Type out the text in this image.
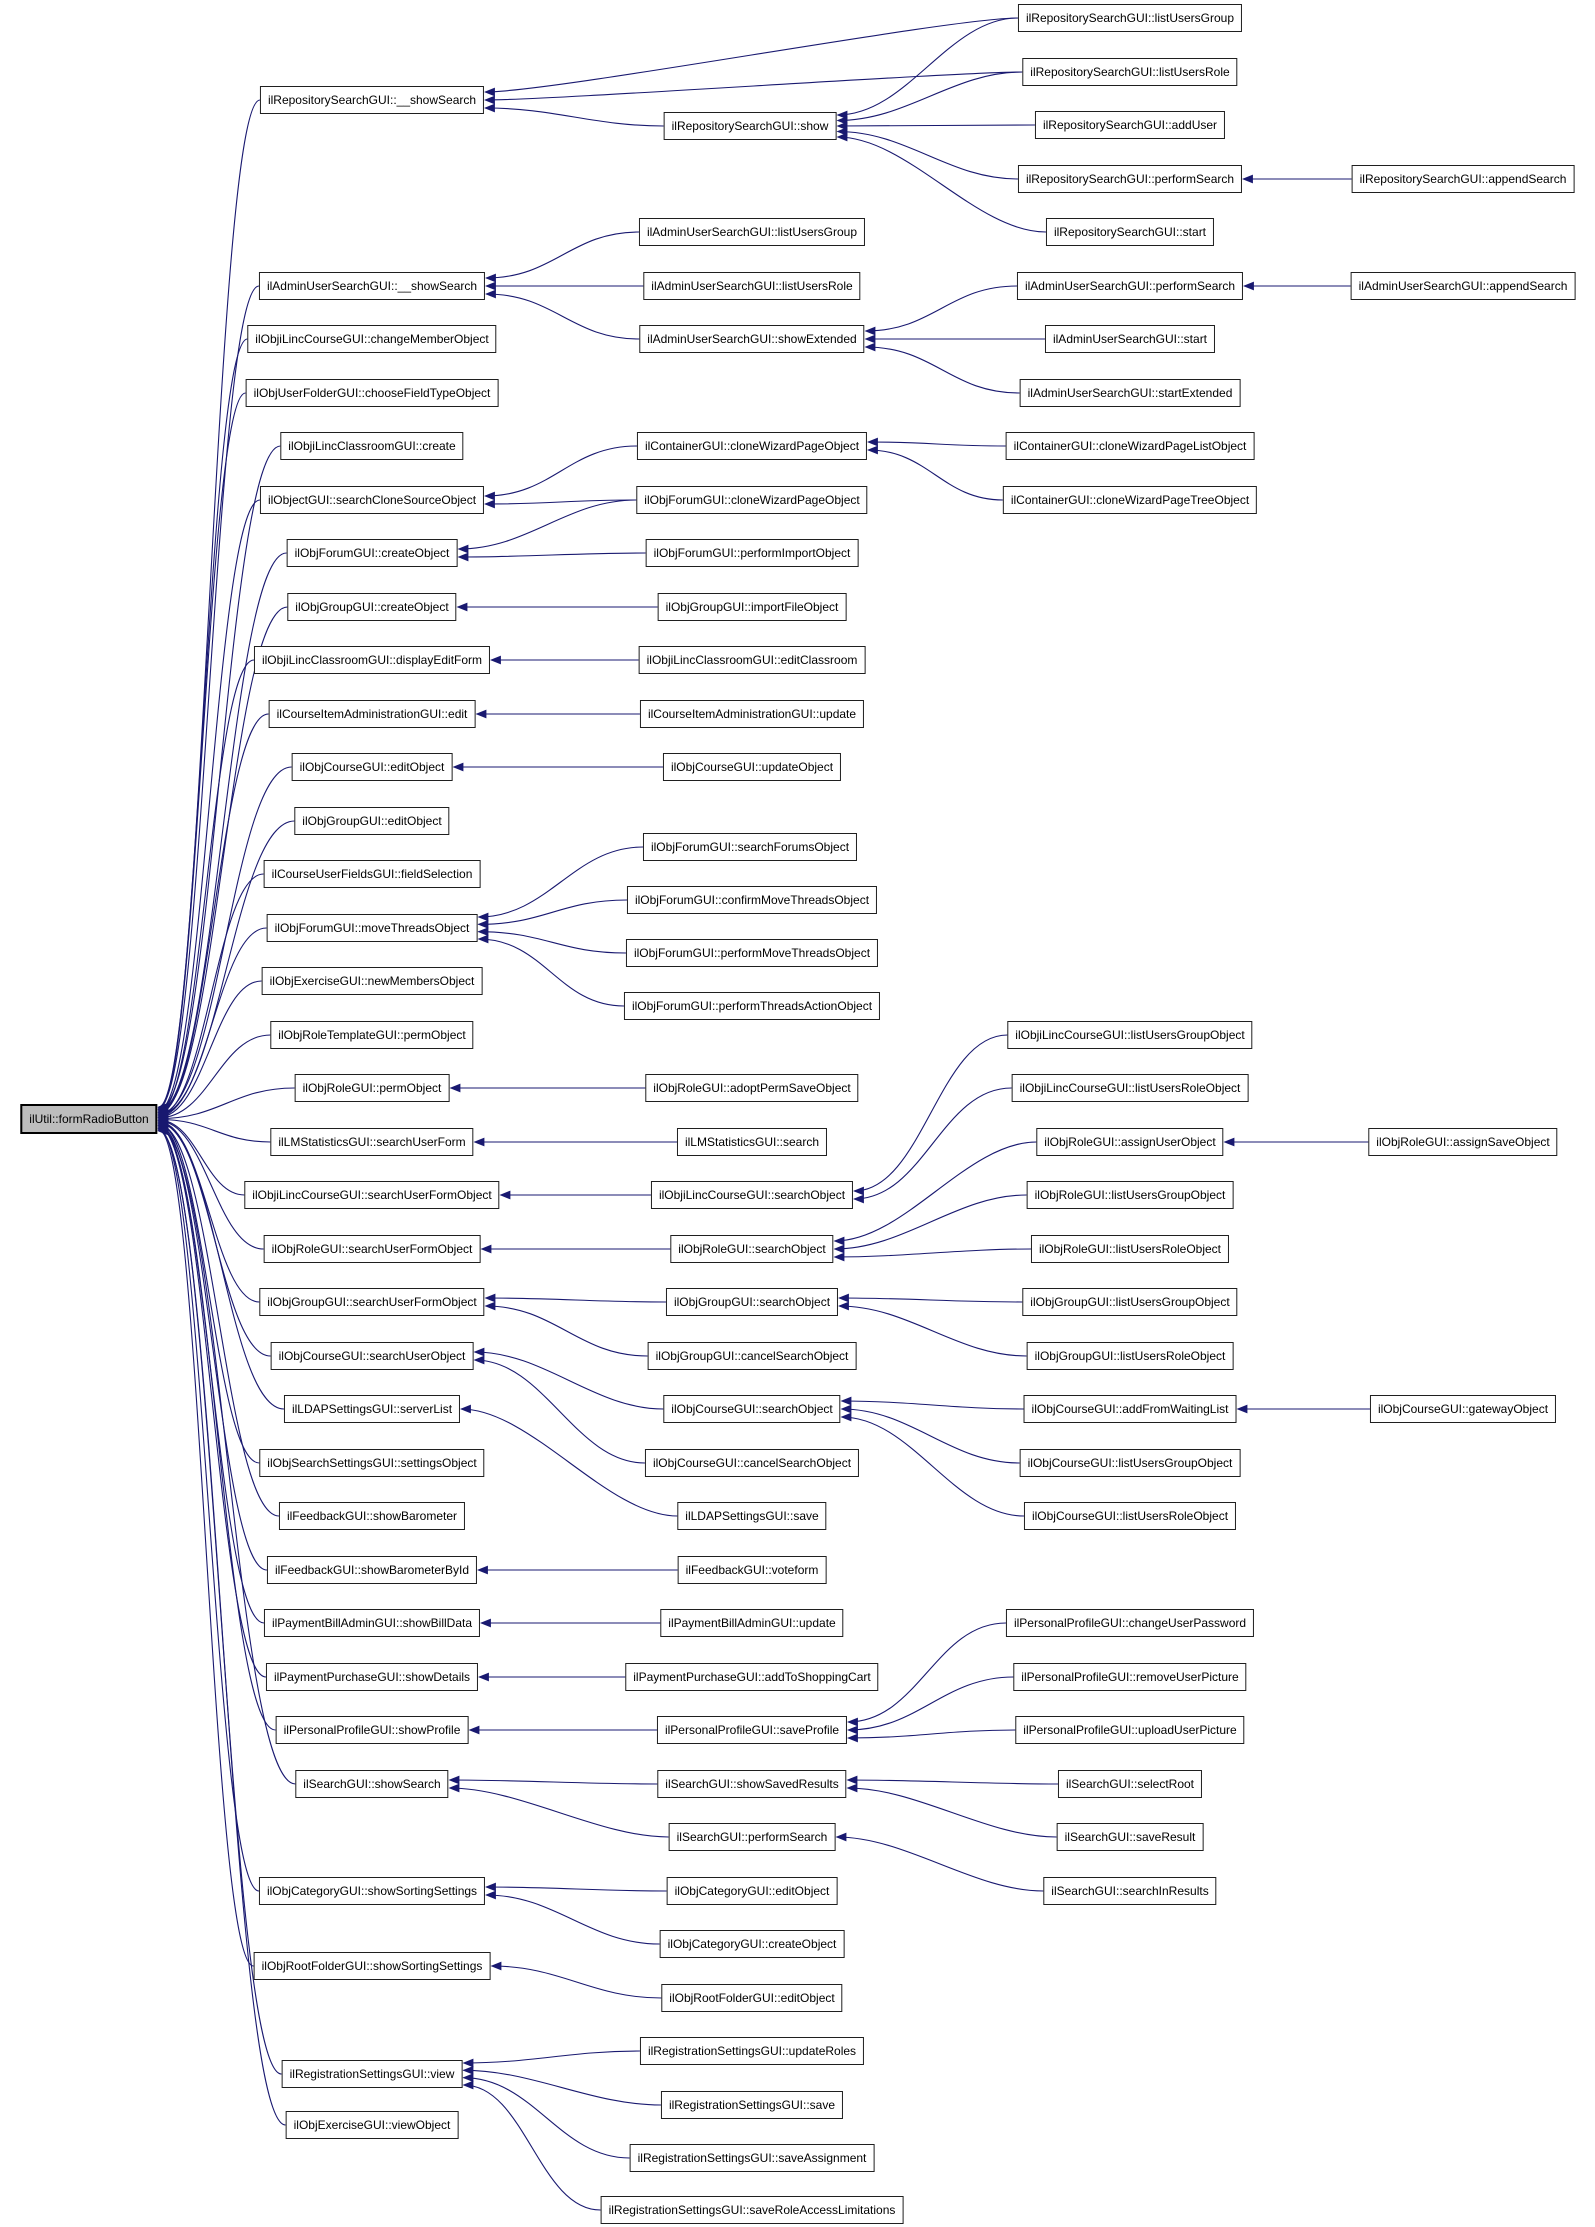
ilUtil::formRadioButton
ilRepositorySearchGUI::__showSearch
ilAdminUserSearchGUI::__showSearch
ilObjiLincCourseGUI::changeMemberObject
ilObjUserFolderGUI::chooseFieldTypeObject
ilObjiLincClassroomGUI::create
ilObjectGUI::searchCloneSourceObject
ilObjForumGUI::createObject
ilObjGroupGUI::createObject
ilObjiLincClassroomGUI::displayEditForm
ilCourseItemAdministrationGUI::edit
ilObjCourseGUI::editObject
ilObjGroupGUI::editObject
ilCourseUserFieldsGUI::fieldSelection
ilObjForumGUI::moveThreadsObject
ilObjExerciseGUI::newMembersObject
ilObjRoleTemplateGUI::permObject
ilObjRoleGUI::permObject
ilLMStatisticsGUI::searchUserForm
ilObjiLincCourseGUI::searchUserFormObject
ilObjRoleGUI::searchUserFormObject
ilObjGroupGUI::searchUserFormObject
ilObjCourseGUI::searchUserObject
ilLDAPSettingsGUI::serverList
ilObjSearchSettingsGUI::settingsObject
ilFeedbackGUI::showBarometer
ilFeedbackGUI::showBarometerById
ilPaymentBillAdminGUI::showBillData
ilPaymentPurchaseGUI::showDetails
ilPersonalProfileGUI::showProfile
ilSearchGUI::showSearch
ilObjCategoryGUI::showSortingSettings
ilObjRootFolderGUI::showSortingSettings
ilRegistrationSettingsGUI::view
ilObjExerciseGUI::viewObject
ilRepositorySearchGUI::show
ilAdminUserSearchGUI::listUsersGroup
ilAdminUserSearchGUI::listUsersRole
ilAdminUserSearchGUI::showExtended
ilContainerGUI::cloneWizardPageObject
ilObjForumGUI::cloneWizardPageObject
ilObjForumGUI::performImportObject
ilObjGroupGUI::importFileObject
ilObjiLincClassroomGUI::editClassroom
ilCourseItemAdministrationGUI::update
ilObjCourseGUI::updateObject
ilObjForumGUI::searchForumsObject
ilObjForumGUI::confirmMoveThreadsObject
ilObjForumGUI::performMoveThreadsObject
ilObjForumGUI::performThreadsActionObject
ilObjRoleGUI::adoptPermSaveObject
ilLMStatisticsGUI::search
ilObjiLincCourseGUI::searchObject
ilObjRoleGUI::searchObject
ilObjGroupGUI::searchObject
ilObjGroupGUI::cancelSearchObject
ilObjCourseGUI::searchObject
ilObjCourseGUI::cancelSearchObject
ilLDAPSettingsGUI::save
ilFeedbackGUI::voteform
ilPaymentBillAdminGUI::update
ilPaymentPurchaseGUI::addToShoppingCart
ilPersonalProfileGUI::saveProfile
ilSearchGUI::showSavedResults
ilSearchGUI::performSearch
ilObjCategoryGUI::editObject
ilObjCategoryGUI::createObject
ilObjRootFolderGUI::editObject
ilRegistrationSettingsGUI::updateRoles
ilRegistrationSettingsGUI::save
ilRegistrationSettingsGUI::saveAssignment
ilRegistrationSettingsGUI::saveRoleAccessLimitations
ilRepositorySearchGUI::listUsersGroup
ilRepositorySearchGUI::listUsersRole
ilRepositorySearchGUI::addUser
ilRepositorySearchGUI::performSearch
ilRepositorySearchGUI::start
ilAdminUserSearchGUI::performSearch
ilAdminUserSearchGUI::start
ilAdminUserSearchGUI::startExtended
ilContainerGUI::cloneWizardPageListObject
ilContainerGUI::cloneWizardPageTreeObject
ilObjiLincCourseGUI::listUsersGroupObject
ilObjiLincCourseGUI::listUsersRoleObject
ilObjRoleGUI::assignUserObject
ilObjRoleGUI::listUsersGroupObject
ilObjRoleGUI::listUsersRoleObject
ilObjGroupGUI::listUsersGroupObject
ilObjGroupGUI::listUsersRoleObject
ilObjCourseGUI::addFromWaitingList
ilObjCourseGUI::listUsersGroupObject
ilObjCourseGUI::listUsersRoleObject
ilPersonalProfileGUI::changeUserPassword
ilPersonalProfileGUI::removeUserPicture
ilPersonalProfileGUI::uploadUserPicture
ilSearchGUI::selectRoot
ilSearchGUI::saveResult
ilSearchGUI::searchInResults
ilRepositorySearchGUI::appendSearch
ilAdminUserSearchGUI::appendSearch
ilObjRoleGUI::assignSaveObject
ilObjCourseGUI::gatewayObject
